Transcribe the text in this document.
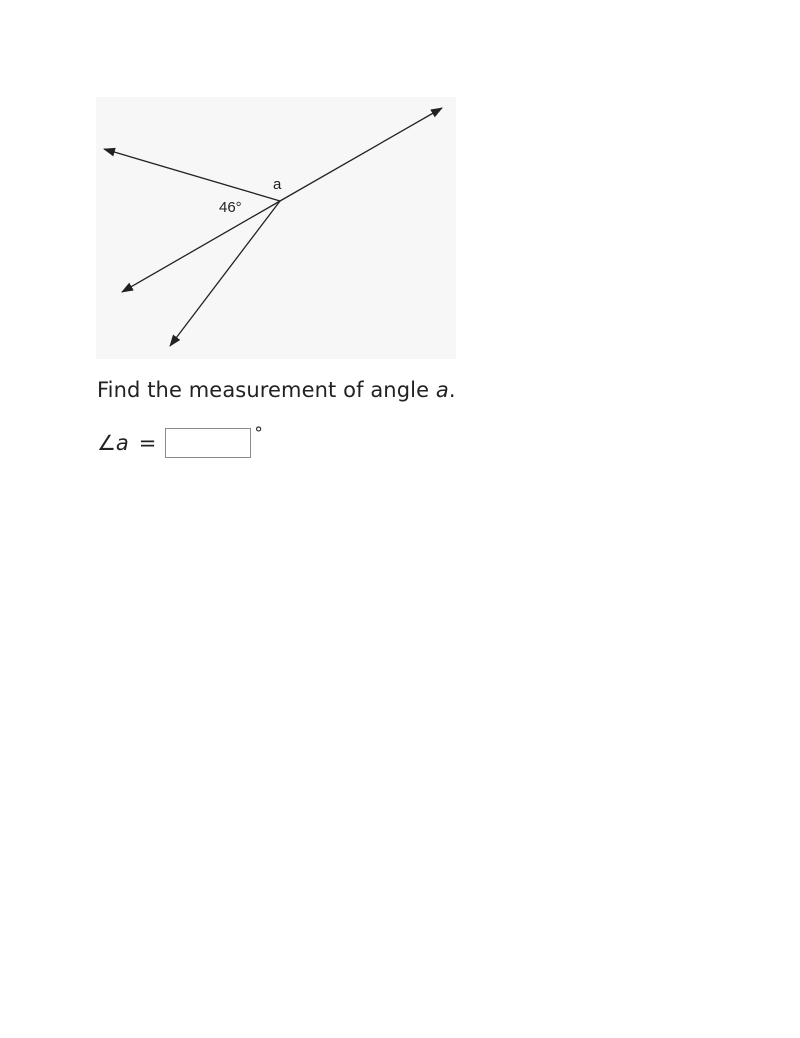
46°
a
Find the measurement of angle a.
∠ a =	°
